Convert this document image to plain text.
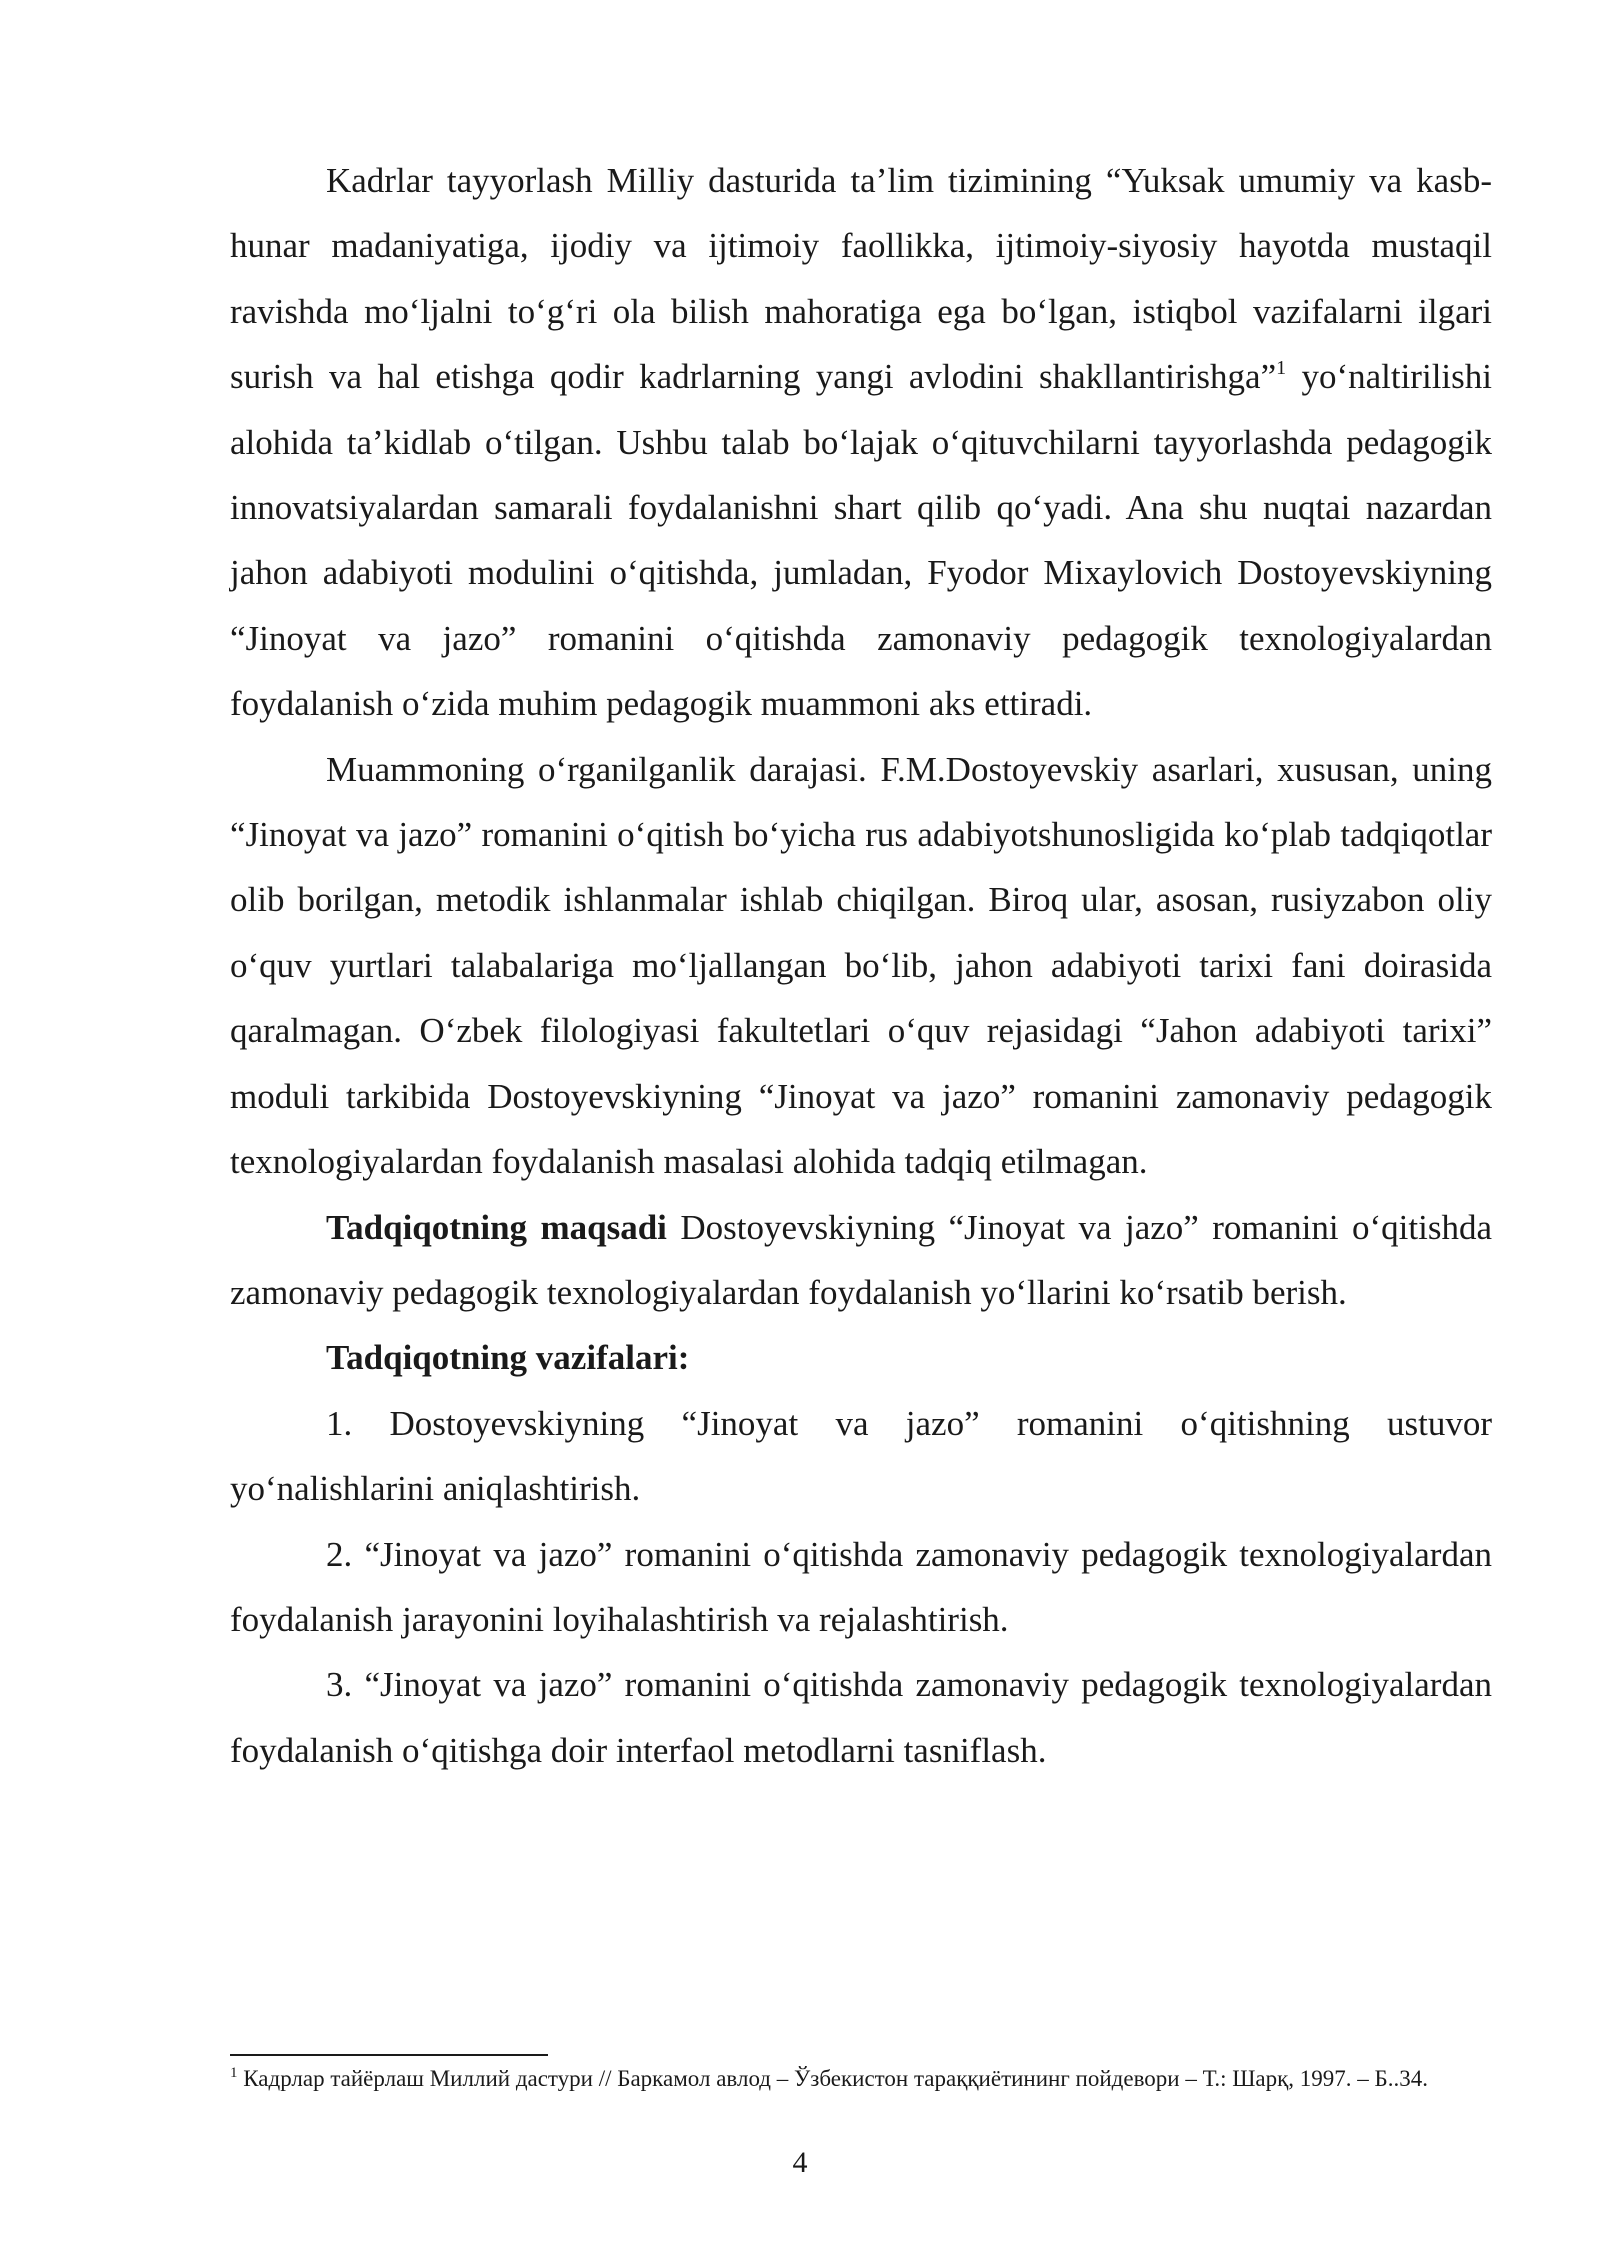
Kadrlar tayyorlash Milliy dasturida ta’lim tizimining “Yuksak umumiy va kasb-hunar madaniyatiga, ijodiy va ijtimoiy faollikka, ijtimoiy-siyosiy hayotda mustaqil ravishda mo‘ljalni to‘g‘ri ola bilish mahoratiga ega bo‘lgan, istiqbol vazifalarni ilgari surish va hal etishga qodir kadrlarning yangi avlodini shakllantirishga”$^1$ yo‘naltirilishi alohida ta’kidlab o‘tilgan. Ushbu talab bo‘lajak o‘qituvchilarni tayyorlashda pedagogik innovatsiyalardan samarali foydalanishni shart qilib qo‘yadi. Ana shu nuqtai nazardan jahon adabiyoti modulini o‘qitishda, jumladan, Fyodor Mixaylovich Dostoyevskiyning “Jinoyat va jazo” romanini o‘qitishda zamonaviy pedagogik texnologiyalardan foydalanish o‘zida muhim pedagogik muammoni aks ettiradi.

Muammoning o‘rganilganlik darajasi. F.M.Dostoyevskiy asarlari, xususan, uning “Jinoyat va jazo” romanini o‘qitish bo‘yicha rus adabiyotshunosligida ko‘plab tadqiqotlar olib borilgan, metodik ishlanmalar ishlab chiqilgan. Biroq ular, asosan, rusiyzabon oliy o‘quv yurtlari talabalariga mo‘ljallangan bo‘lib, jahon adabiyoti tarixi fani doirasida qaralmagan. O‘zbek filologiyasi fakultetlari o‘quv rejasidagi “Jahon adabiyoti tarixi” moduli tarkibida Dostoyevskiyning “Jinoyat va jazo” romanini zamonaviy pedagogik texnologiyalardan foydalanish masalasi alohida tadqiq etilmagan.

Tadqiqotning maqsadi Dostoyevskiyning “Jinoyat va jazo” romanini o‘qitishda zamonaviy pedagogik texnologiyalardan foydalanish yo‘llarini ko‘rsatib berish.

Tadqiqotning vazifalari:

1. Dostoyevskiyning “Jinoyat va jazo” romanini o‘qitishning ustuvor yo‘nalishlarini aniqlashtirish.

2. “Jinoyat va jazo” romanini o‘qitishda zamonaviy pedagogik texnologiyalardan foydalanish jarayonini loyihalashtirish va rejalashtirish.

3. “Jinoyat va jazo” romanini o‘qitishda zamonaviy pedagogik texnologiyalardan foydalanish o‘qitishga doir interfaol metodlarni tasniflash.

$^1$ Кадрлар тайёрлаш Миллий дастури // Баркамол авлод – Ўзбекистон тараққиётининг пойдевори – Т.: Шарқ, 1997. – Б..34.
4
